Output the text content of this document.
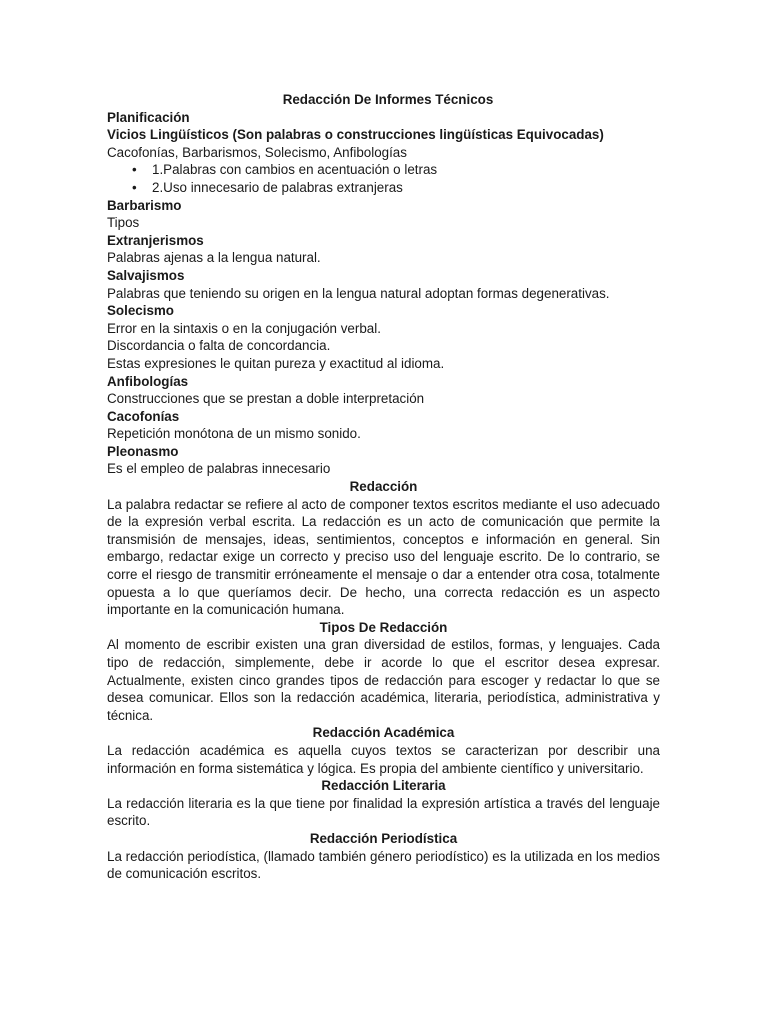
Redacción De Informes Técnicos
Planificación
Vicios Lingüísticos (Son palabras o construcciones lingüísticas Equivocadas)
Cacofonías, Barbarismos, Solecismo, Anfibologías
• 1.Palabras con cambios en acentuación o letras
• 2.Uso innecesario de palabras extranjeras
Barbarismo
Tipos
Extranjerismos
Palabras ajenas a la lengua natural.
Salvajismos
Palabras que teniendo su origen en la lengua natural adoptan formas degenerativas.
Solecismo
Error en la sintaxis o en la conjugación verbal.
Discordancia o falta de concordancia.
Estas expresiones le quitan pureza y exactitud al idioma.
Anfibologías
Construcciones que se prestan a doble interpretación
Cacofonías
Repetición monótona de un mismo sonido.
Pleonasmo
Es el empleo de palabras innecesario
Redacción

La palabra redactar se refiere al acto de componer textos escritos mediante el uso adecuado de la expresión verbal escrita. La redacción es un acto de comunicación que permite la transmisión de mensajes, ideas, sentimientos, conceptos e información en general. Sin embargo, redactar exige un correcto y preciso uso del lenguaje escrito. De lo contrario, se corre el riesgo de transmitir erróneamente el mensaje o dar a entender otra cosa, totalmente opuesta a lo que queríamos decir. De hecho, una correcta redacción es un aspecto importante en la comunicación humana.

Tipos De Redacción

Al momento de escribir existen una gran diversidad de estilos, formas, y lenguajes. Cada tipo de redacción, simplemente, debe ir acorde lo que el escritor desea expresar. Actualmente, existen cinco grandes tipos de redacción para escoger y redactar lo que se desea comunicar. Ellos son la redacción académica, literaria, periodística, administrativa y técnica.

Redacción Académica

La redacción académica es aquella cuyos textos se caracterizan por describir una información en forma sistemática y lógica. Es propia del ambiente científico y universitario.

Redacción Literaria

La redacción literaria es la que tiene por finalidad la expresión artística a través del lenguaje escrito.

Redacción Periodística

La redacción periodística, (llamado también género periodístico) es la utilizada en los medios de comunicación escritos.
